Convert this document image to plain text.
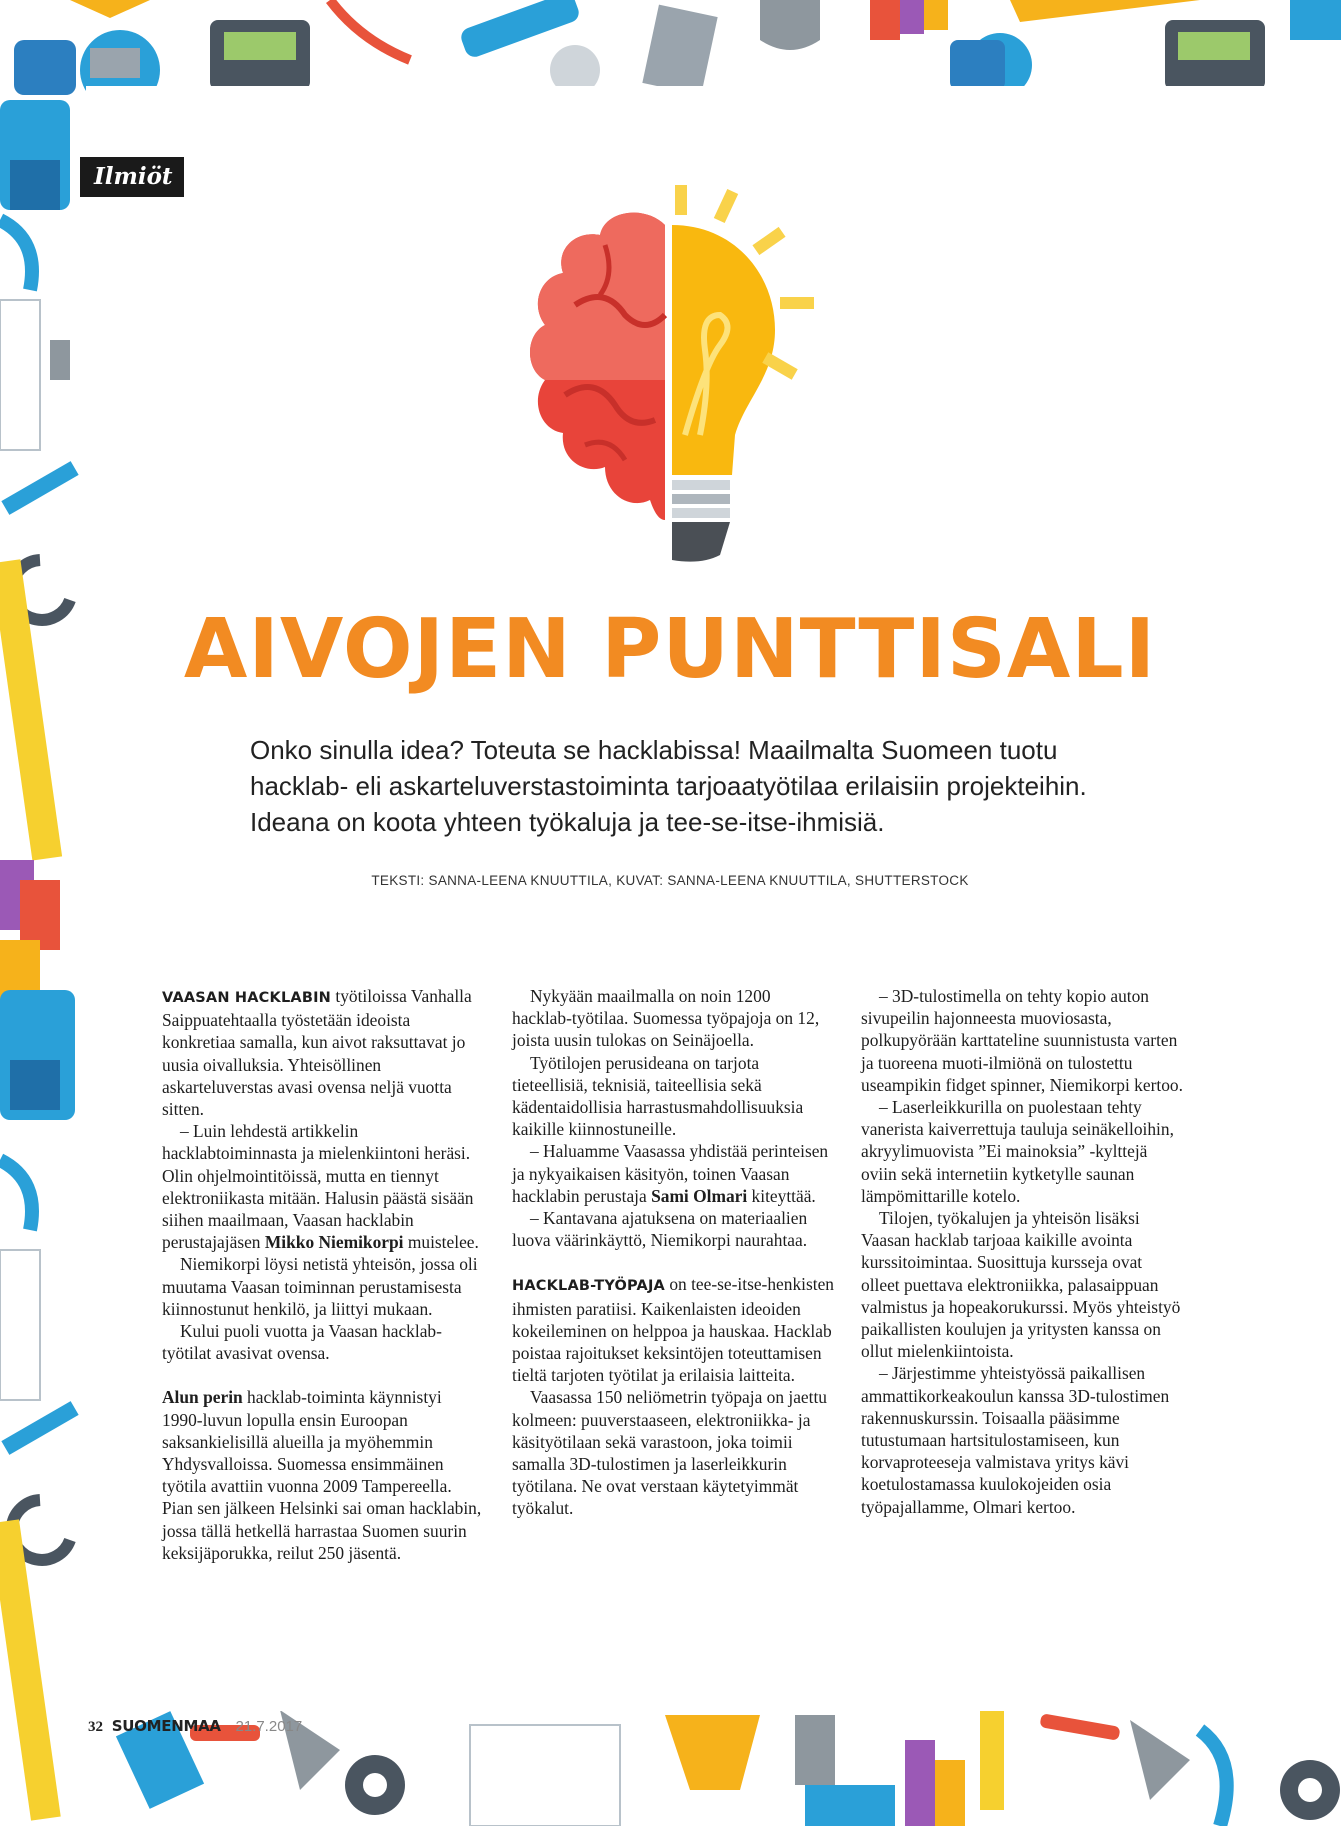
Ilmiöt
AIVOJEN PUNTTISALI

Onko sinulla idea? Toteuta se hacklabissa! Maailmalta Suomeen tuotu hacklab- eli askarteluverstastoiminta tarjoaatyötilaa erilaisiin projekteihin. Ideana on koota yhteen työkaluja ja tee-se-itse-ihmisiä.

TEKSTI: SANNA-LEENA KNUUTTILA, KUVAT: SANNA-LEENA KNUUTTILA, SHUTTERSTOCK

VAASAN HACKLABIN työtiloissa Vanhalla Saippuatehtaalla työstetään ideoista konkretiaa samalla, kun aivot raksuttavat jo uusia oivalluksia. Yhteisöllinen askarteluverstas avasi ovensa neljä vuotta sitten.

– Luin lehdestä artikkelin hacklabtoiminnasta ja mielenkiintoni heräsi. Olin ohjelmointitöissä, mutta en tiennyt elektroniikasta mitään. Halusin päästä sisään siihen maailmaan, Vaasan hacklabin perustajajäsen Mikko Niemikorpi muistelee.

Niemikorpi löysi netistä yhteisön, jossa oli muutama Vaasan toiminnan perustamisesta kiinnostunut henkilö, ja liittyi mukaan.

Kului puoli vuotta ja Vaasan hacklab-työtilat avasivat ovensa.

Alun perin hacklab-toiminta käynnistyi 1990-luvun lopulla ensin Euroopan saksankielisillä alueilla ja myöhemmin Yhdysvalloissa. Suomessa ensimmäinen työtila avattiin vuonna 2009 Tampereella. Pian sen jälkeen Helsinki sai oman hacklabin, jossa tällä hetkellä harrastaa Suomen suurin keksijäporukka, reilut 250 jäsentä.

Nykyään maailmalla on noin 1200 hacklab-työtilaa. Suomessa työpajoja on 12, joista uusin tulokas on Seinäjoella.

Työtilojen perusideana on tarjota tieteellisiä, teknisiä, taiteellisia sekä kädentaidollisia harrastusmahdollisuuksia kaikille kiinnostuneille.

– Haluamme Vaasassa yhdistää perinteisen ja nykyaikaisen käsityön, toinen Vaasan hacklabin perustaja Sami Olmari kiteyttää.

– Kantavana ajatuksena on materiaalien luova väärinkäyttö, Niemikorpi naurahtaa.

HACKLAB-TYÖPAJA on tee-se-itse-henkisten ihmisten paratiisi. Kaikenlaisten ideoiden kokeileminen on helppoa ja hauskaa. Hacklab poistaa rajoitukset keksintöjen toteuttamisen tieltä tarjoten työtilat ja erilaisia laitteita.

Vaasassa 150 neliömetrin työpaja on jaettu kolmeen: puuverstaaseen, elektroniikka- ja käsityötilaan sekä varastoon, joka toimii samalla 3D-tulostimen ja laserleikkurin työtilana. Ne ovat verstaan käytetyimmät työkalut.

– 3D-tulostimella on tehty kopio auton sivupeilin hajonneesta muoviosasta, polkupyörään karttateline suunnistusta varten ja tuoreena muoti-ilmiönä on tulostettu useampikin fidget spinner, Niemikorpi kertoo.

– Laserleikkurilla on puolestaan tehty vanerista kaiverrettuja tauluja seinäkelloihin, akryylimuovista ”Ei mainoksia” -kylttejä oviin sekä internetiin kytketylle saunan lämpömittarille kotelo.

Tilojen, työkalujen ja yhteisön lisäksi Vaasan hacklab tarjoaa kaikille avointa kurssitoimintaa. Suosittuja kursseja ovat olleet puettava elektroniikka, palasaippuan valmistus ja hopeakorukurssi. Myös yhteistyö paikallisten koulujen ja yritysten kanssa on ollut mielenkiintoista.

– Järjestimme yhteistyössä paikallisen ammattikorkeakoulun kanssa 3D-tulostimen rakennuskurssin. Toisaalla pääsimme tutustumaan hartsitulostamiseen, kun korvaproteeseja valmistava yritys kävi koetulostamassa kuulokojeiden osia työpajallamme, Olmari kertoo.

32 SUOMENMAA 21.7.2017
